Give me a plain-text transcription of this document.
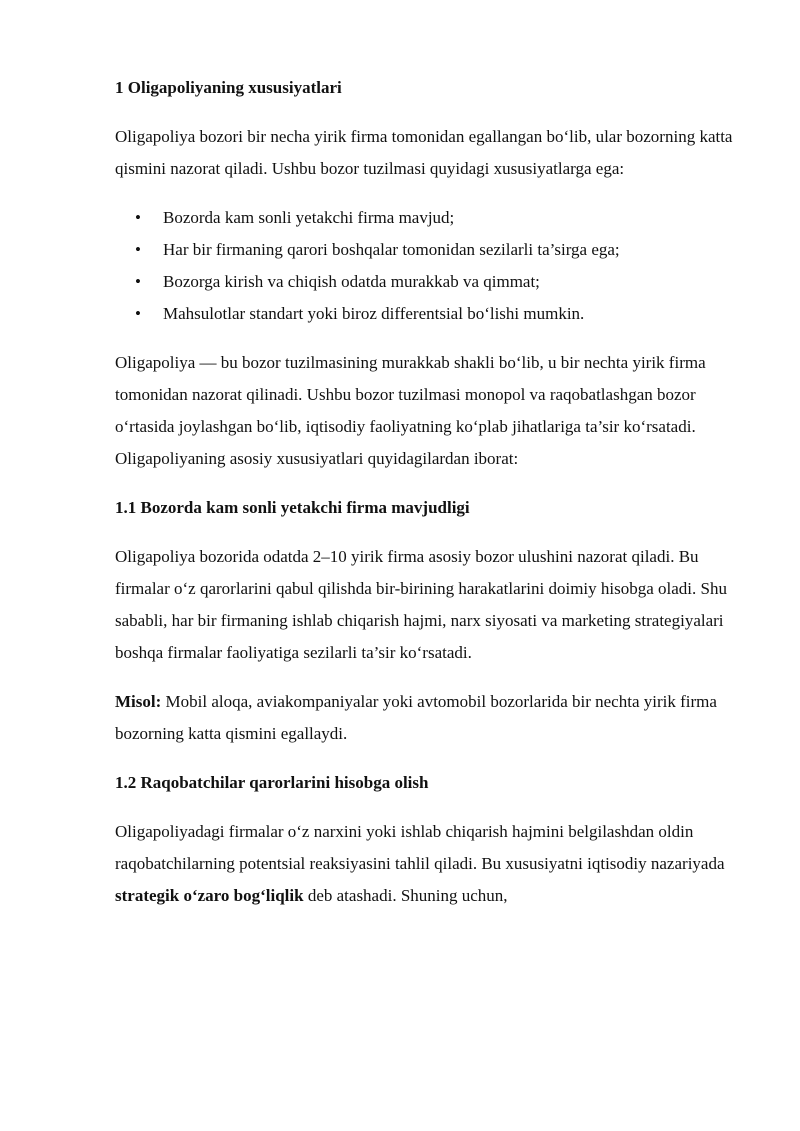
1 Oligapoliyaning xususiyatlari

Oligapoliya bozori bir necha yirik firma tomonidan egallangan bo‘lib, ular bozorning katta qismini nazorat qiladi. Ushbu bozor tuzilmasi quyidagi xususiyatlarga ega:

• Bozorda kam sonli yetakchi firma mavjud;
• Har bir firmaning qarori boshqalar tomonidan sezilarli ta’sirga ega;
• Bozorga kirish va chiqish odatda murakkab va qimmat;
• Mahsulotlar standart yoki biroz differentsial bo‘lishi mumkin.

Oligapoliya — bu bozor tuzilmasining murakkab shakli bo‘lib, u bir nechta yirik firma tomonidan nazorat qilinadi. Ushbu bozor tuzilmasi monopol va raqobatlashgan bozor o‘rtasida joylashgan bo‘lib, iqtisodiy faoliyatning ko‘plab jihatlariga ta’sir ko‘rsatadi. Oligapoliyaning asosiy xususiyatlari quyidagilardan iborat:

1.1 Bozorda kam sonli yetakchi firma mavjudligi

Oligapoliya bozorida odatda 2–10 yirik firma asosiy bozor ulushini nazorat qiladi. Bu firmalar o‘z qarorlarini qabul qilishda bir-birining harakatlarini doimiy hisobga oladi. Shu sababli, har bir firmaning ishlab chiqarish hajmi, narx siyosati va marketing strategiyalari boshqa firmalar faoliyatiga sezilarli ta’sir ko‘rsatadi.

Misol: Mobil aloqa, aviakompaniyalar yoki avtomobil bozorlarida bir nechta yirik firma bozorning katta qismini egallaydi.

1.2 Raqobatchilar qarorlarini hisobga olish

Oligapoliyadagi firmalar o‘z narxini yoki ishlab chiqarish hajmini belgilashdan oldin raqobatchilarning potentsial reaksiyasini tahlil qiladi. Bu xususiyatni iqtisodiy nazariyada strategik o‘zaro bog‘liqlik deb atashadi. Shuning uchun,
